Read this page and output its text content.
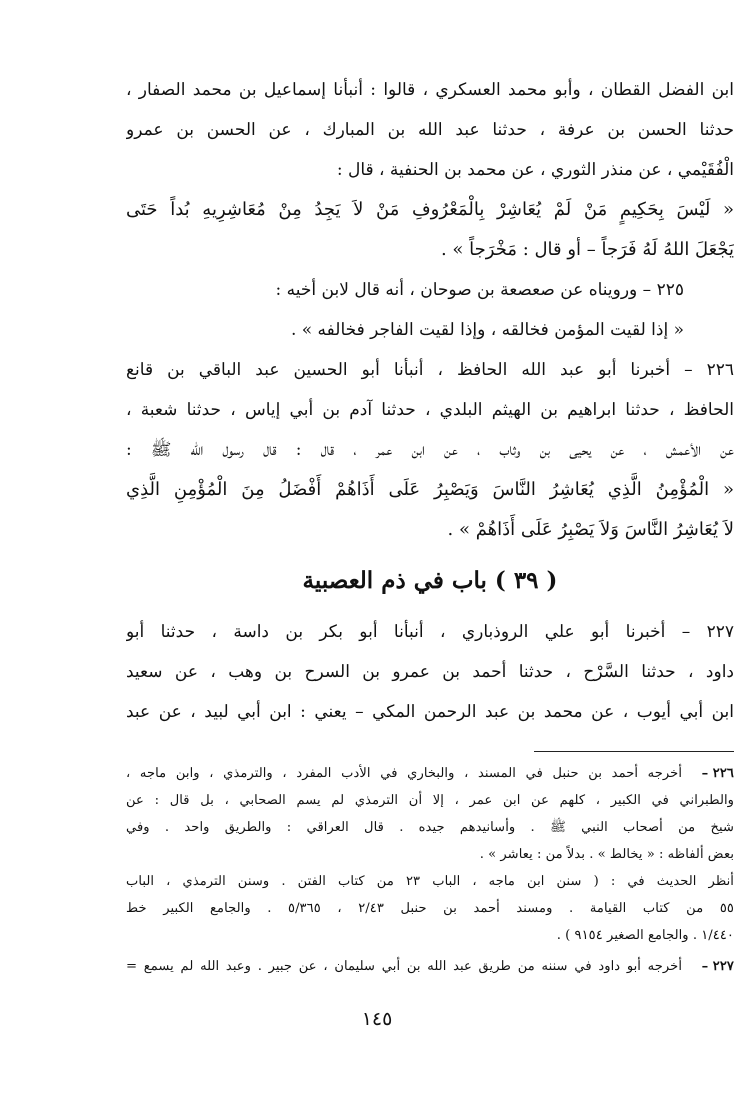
ابن الفضل القطان ، وأبو محمد العسكري ، قالوا : أنبأنا إسماعيل بن محمد الصفار ،
حدثنا الحسن بن عرفة ، حدثنا عبد الله بن المبارك ، عن الحسن بن عمرو
الْفُقَيْمي ، عن منذر الثوري ، عن محمد بن الحنفية ، قال :
« لَيْسَ بِحَكِيمٍ مَنْ لَمْ يُعَاشِرْ بِالْمَعْرُوفِ مَنْ لاَ يَجِدُ مِنْ مُعَاشِرِيهِ بُداً حَتَى
يَجْعَلَ اللهُ لَهُ فَرَجاً – أو قال : مَخْرَجاً » .
٢٢٥ – ورويناه عن صعصعة بن صوحان ، أنه قال لابن أخيه :
« إذا لقيت المؤمن فخالقه ، وإذا لقيت الفاجر فخالفه » .
٢٢٦ – أخبرنا أبو عبد الله الحافظ ، أنبأنا أبو الحسين عبد الباقي بن قانع
الحافظ ، حدثنا ابراهيم بن الهيثم البلدي ، حدثنا آدم بن أبي إياس ، حدثنا شعبة ،
عن الأعمش ، عن يحيى بن وثاب ، عن ابن عمر ، قال : قال رسول الله ﷺ :
« الْمُؤْمِنُ الَّذِي يُعَاشِرُ النَّاسَ وَيَصْبِرُ عَلَى أَذَاهُمْ أَفْضَلُ مِنَ الْمُؤْمِنِ الَّذِي
لاَ يُعَاشِرُ النَّاسَ وَلاَ يَصْبِرُ عَلَى أَذَاهُمْ » .
( ٣٩ ) باب في ذم العصبية
٢٢٧ – أخبرنا أبو علي الروذباري ، أنبأنا أبو بكر بن داسة ، حدثنا أبو
داود ، حدثنا السَّرْح ، حدثنا أحمد بن عمرو بن السرح بن وهب ، عن سعيد
ابن أبي أيوب ، عن محمد بن عبد الرحمن المكي – يعني : ابن أبي لبيد ، عن عبد
٢٢٦ –أخرجه أحمد بن حنبل في المسند ، والبخاري في الأدب المفرد ، والترمذي ، وابن ماجه ،
والطبراني في الكبير ، كلهم عن ابن عمر ، إلا أن الترمذي لم يسم الصحابي ، بل قال : عن
شيخ من أصحاب النبي ﷺ . وأسانيدهم جيده . قال العراقي : والطريق واحد . وفي
بعض ألفاظه : « يخالط » . بدلاً من : يعاشر » .
أنظر الحديث في : ( سنن ابن ماجه ، الباب ٢٣ من كتاب الفتن . وسنن الترمذي ، الباب
٥٥ من كتاب القيامة . ومسند أحمد بن حنبل ٢/٤٣ ، ٥/٣٦٥ . والجامع الكبير خط
١/٤٤٠ . والجامع الصغير ٩١٥٤ ) .
٢٢٧ –أخرجه أبو داود في سننه من طريق عبد الله بن أبي سليمان ، عن جبير . وعبد الله لم يسمع =
١٤٥
